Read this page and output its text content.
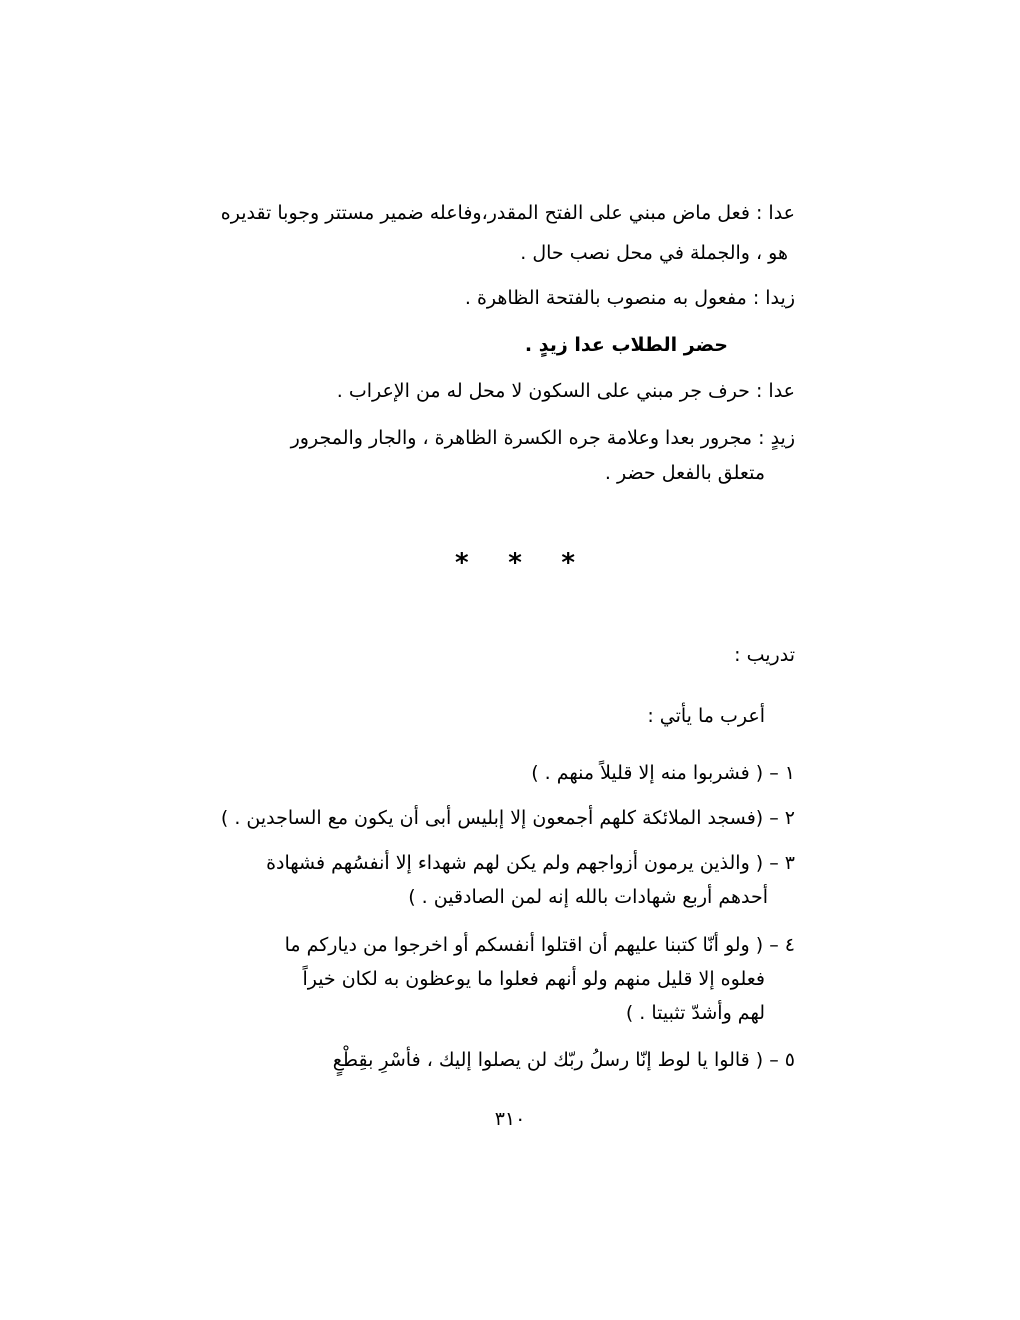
عدا : فعل ماض مبني على الفتح المقدر،وفاعله ضمير مستتر وجوبا تقديره
هو ، والجملة في محل نصب حال .
زيدا : مفعول به منصوب بالفتحة الظاهرة .
حضر الطلاب عدا زيدٍ .
عدا : حرف جر مبني على السكون لا محل له من الإعراب .
زيدٍ : مجرور بعدا وعلامة جره الكسرة الظاهرة ، والجار والمجرور
متعلق بالفعل حضر .
* * *
تدريب :
أعرب ما يأتي :
١ – ( فشربوا منه إلا قليلاً منهم . )
٢ – (فسجد الملائكة كلهم أجمعون إلا إبليس أبى أن يكون مع الساجدين . )
٣ – ( والذين يرمون أزواجهم ولم يكن لهم شهداء إلا أنفسُهم فشهادة
أحدهم أربع شهادات بالله إنه لمن الصادقين . )
٤ – ( ولو أنّا كتبنا عليهم أن اقتلوا أنفسكم أو اخرجوا من دياركم ما
فعلوه إلا قليل منهم ولو أنهم فعلوا ما يوعظون به لكان خيراً
لهم وأشدّ تثبيتا . )
٥ – ( قالوا يا لوط إنّا رسلُ ربّك لن يصلوا إليك ، فأسْرِ بقِطْعٍ
٣١٠
